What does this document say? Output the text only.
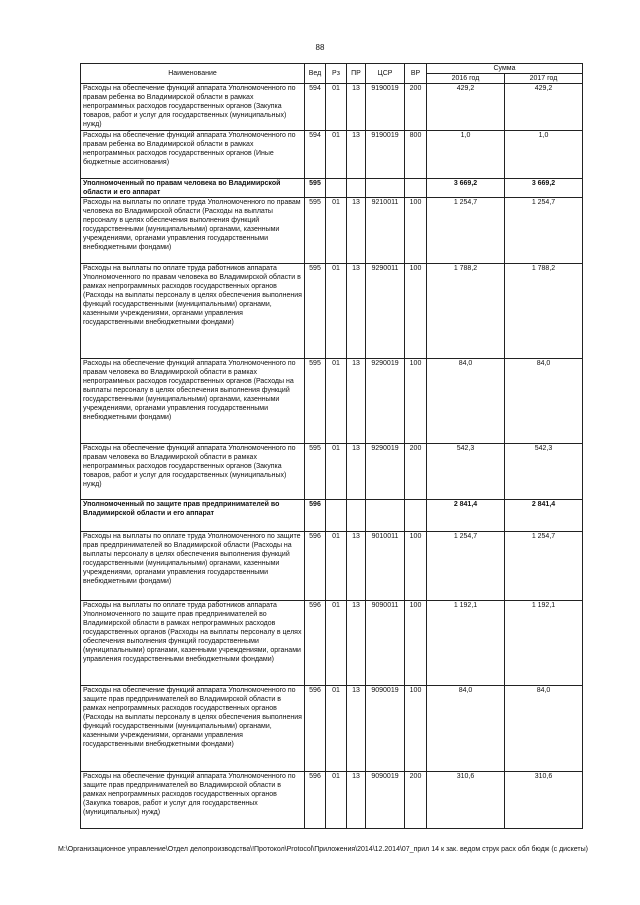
88
Наименование	Вед	Рз	ПР	ЦСР	ВР	Сумма	
						2016 год	2017 год
Расходы на обеспечение функций аппарата Уполномоченного по правам ребенка во Владимирской области в рамках непрограммных расходов государственных органов (Закупка товаров, работ и услуг для государственных (муниципальных) нужд)	594	01	13	9190019	200	429,2	429,2
Расходы на обеспечение функций аппарата Уполномоченного по правам ребенка во Владимирской области в рамках непрограммных расходов государственных органов (Иные бюджетные ассигнования)	594	01	13	9190019	800	1,0	1,0
Уполномоченный по правам человека во Владимирской области и его аппарат	595					3 669,2	3 669,2
Расходы на выплаты по оплате труда Уполномоченного по правам человека во Владимирской области (Расходы на выплаты персоналу в целях обеспечения выполнения функций государственными (муниципальными) органами, казенными учреждениями, органами управления государственными внебюджетными фондами)	595	01	13	9210011	100	1 254,7	1 254,7
Расходы на выплаты по оплате труда работников аппарата Уполномоченного по правам человека во Владимирской области в рамках непрограммных расходов государственных органов (Расходы на выплаты персоналу в целях обеспечения выполнения функций государственными (муниципальными) органами, казенными учреждениями, органами управления государственными внебюджетными фондами)	595	01	13	9290011	100	1 788,2	1 788,2
Расходы на обеспечение функций аппарата Уполномоченного по правам человека во Владимирской области в рамках непрограммных расходов государственных органов (Расходы на выплаты персоналу в целях обеспечения выполнения функций государственными (муниципальными) органами, казенными учреждениями, органами управления государственными внебюджетными фондами)	595	01	13	9290019	100	84,0	84,0
Расходы на обеспечение функций аппарата Уполномоченного по правам человека во Владимирской области в рамках непрограммных расходов государственных органов (Закупка товаров, работ и услуг для государственных (муниципальных) нужд)	595	01	13	9290019	200	542,3	542,3
Уполномоченный по защите прав предпринимателей во Владимирской области и его аппарат	596					2 841,4	2 841,4
Расходы на выплаты по оплате труда Уполномоченного по защите прав предпринимателей во Владимирской области (Расходы на выплаты персоналу в целях обеспечения выполнения функций государственными (муниципальными) органами, казенными учреждениями, органами управления государственными внебюджетными фондами)	596	01	13	9010011	100	1 254,7	1 254,7
Расходы на выплаты по оплате труда работников аппарата Уполномоченного по защите прав предпринимателей во Владимирской области в рамках непрограммных расходов государственных органов (Расходы на выплаты персоналу в целях обеспечения выполнения функций государственными (муниципальными) органами, казенными учреждениями, органами управления государственными внебюджетными фондами)	596	01	13	9090011	100	1 192,1	1 192,1
Расходы на обеспечение функций аппарата Уполномоченного по защите прав предпринимателей во Владимирской области в рамках непрограммных расходов государственных органов (Расходы на выплаты персоналу в целях обеспечения выполнения функций государственными (муниципальными) органами, казенными учреждениями, органами управления государственными внебюджетными фондами)	596	01	13	9090019	100	84,0	84,0
Расходы на обеспечение функций аппарата Уполномоченного по защите прав предпринимателей во Владимирской области в рамках непрограммных расходов государственных органов (Закупка товаров, работ и услуг для государственных (муниципальных) нужд)	596	01	13	9090019	200	310,6	310,6
M:\Организационное управление\Отдел делопроизводства\!Протокол\Protocol\Приложения\2014\12.2014\07_прил 14 к зак. ведом струк расх обл бюдж (с дискеты)
